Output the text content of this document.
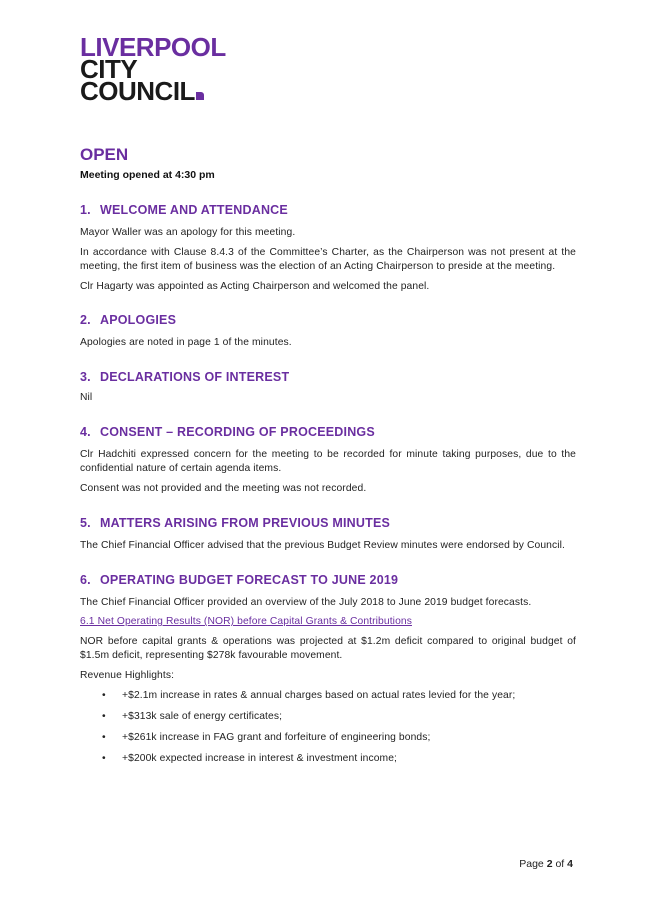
LIVERPOOL
CITY
COUNCIL
OPEN

Meeting opened at 4:30 pm

1. WELCOME AND ATTENDANCE

Mayor Waller was an apology for this meeting.

In accordance with Clause 8.4.3 of the Committee’s Charter, as the Chairperson was not present at the meeting, the first item of business was the election of an Acting Chairperson to preside at the meeting.

Clr Hagarty was appointed as Acting Chairperson and welcomed the panel.

2. APOLOGIES

Apologies are noted in page 1 of the minutes.

3. DECLARATIONS OF INTEREST

Nil

4. CONSENT – RECORDING OF PROCEEDINGS

Clr Hadchiti expressed concern for the meeting to be recorded for minute taking purposes, due to the confidential nature of certain agenda items.

Consent was not provided and the meeting was not recorded.

5. MATTERS ARISING FROM PREVIOUS MINUTES

The Chief Financial Officer advised that the previous Budget Review minutes were endorsed by Council.

6. OPERATING BUDGET FORECAST TO JUNE 2019

The Chief Financial Officer provided an overview of the July 2018 to June 2019 budget forecasts.

6.1 Net Operating Results (NOR) before Capital Grants & Contributions

NOR before capital grants & operations was projected at $1.2m deficit compared to original budget of $1.5m deficit, representing $278k favourable movement.

Revenue Highlights:

• +$2.1m increase in rates & annual charges based on actual rates levied for the year;
• +$313k sale of energy certificates;
• +$261k increase in FAG grant and forfeiture of engineering bonds;
• +$200k expected increase in interest & investment income;
Page 2 of 4
